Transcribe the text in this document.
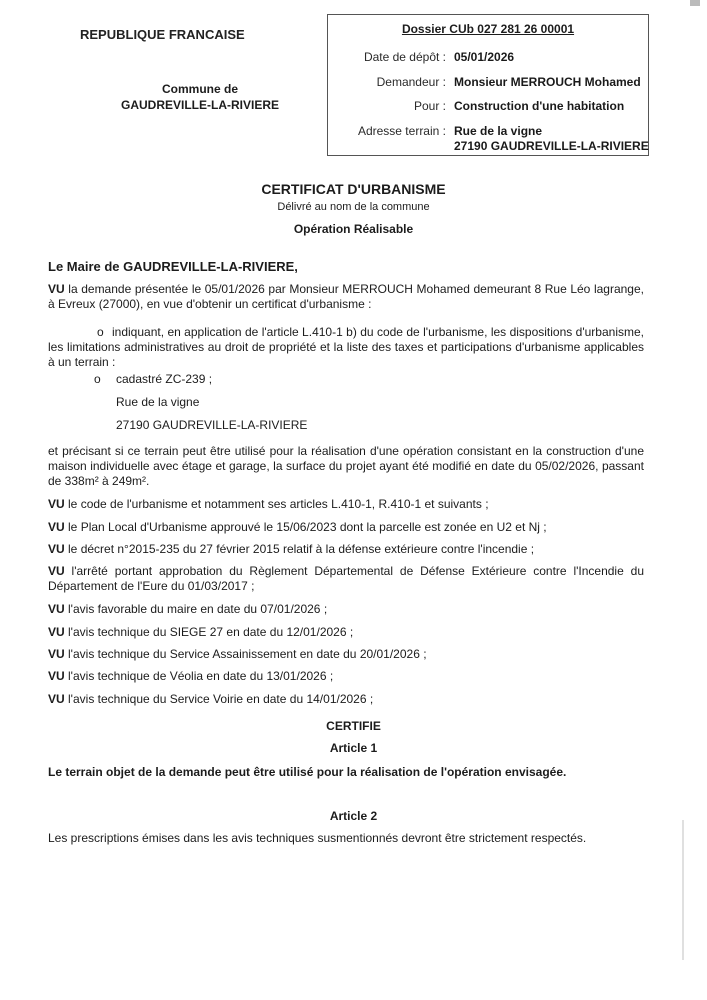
REPUBLIQUE FRANCAISE
Commune de
GAUDREVILLE-LA-RIVIERE
Dossier CUb 027 281 26 00001
Date de dépôt : 05/01/2026
Demandeur : Monsieur MERROUCH Mohamed
Pour : Construction d'une habitation
Adresse terrain : Rue de la vigne
27190 GAUDREVILLE-LA-RIVIERE
CERTIFICAT D'URBANISME
Délivré au nom de la commune
Opération Réalisable
Le Maire de GAUDREVILLE-LA-RIVIERE,
VU la demande présentée le 05/01/2026 par Monsieur MERROUCH Mohamed demeurant 8 Rue Léo lagrange, à Evreux (27000), en vue d'obtenir un certificat d'urbanisme :
o indiquant, en application de l'article L.410-1 b) du code de l'urbanisme, les dispositions d'urbanisme, les limitations administratives au droit de propriété et la liste des taxes et participations d'urbanisme applicables à un terrain :
o cadastré ZC-239 ;
Rue de la vigne
27190 GAUDREVILLE-LA-RIVIERE
et précisant si ce terrain peut être utilisé pour la réalisation d'une opération consistant en la construction d'une maison individuelle avec étage et garage, la surface du projet ayant été modifié en date du 05/02/2026, passant de 338m² à 249m².
VU le code de l'urbanisme et notamment ses articles L.410-1, R.410-1 et suivants ;
VU le Plan Local d'Urbanisme approuvé le 15/06/2023 dont la parcelle est zonée en U2 et Nj ;
VU le décret n°2015-235 du 27 février 2015 relatif à la défense extérieure contre l'incendie ;
VU l'arrêté portant approbation du Règlement Départemental de Défense Extérieure contre l'Incendie du Département de l'Eure du 01/03/2017 ;
VU l'avis favorable du maire en date du 07/01/2026 ;
VU l'avis technique du SIEGE 27 en date du 12/01/2026 ;
VU l'avis technique du Service Assainissement en date du 20/01/2026 ;
VU l'avis technique de Véolia en date du 13/01/2026 ;
VU l'avis technique du Service Voirie en date du 14/01/2026 ;
CERTIFIE
Article 1
Le terrain objet de la demande peut être utilisé pour la réalisation de l'opération envisagée.
Article 2
Les prescriptions émises dans les avis techniques susmentionnés devront être strictement respectés.
